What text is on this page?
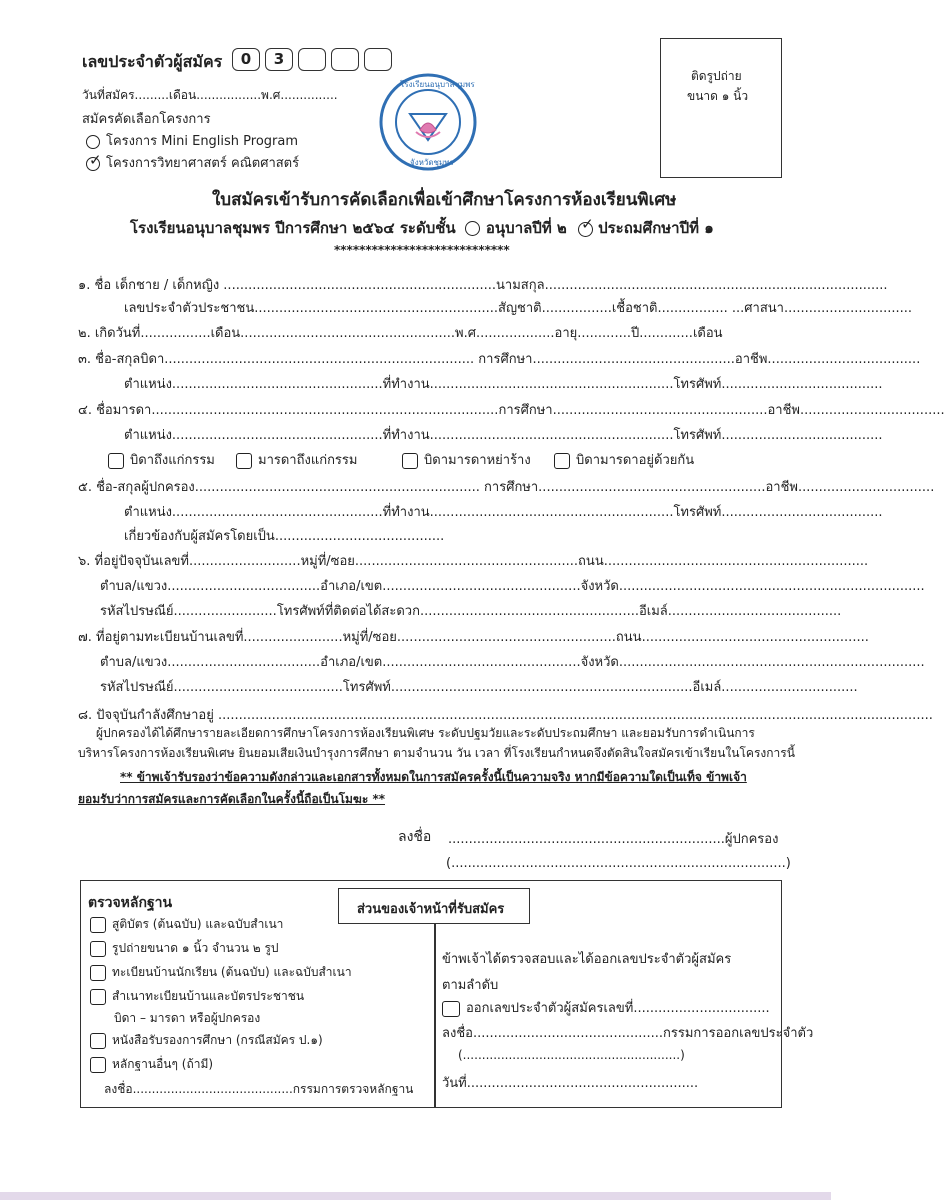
เลขประจำตัวผู้สมัคร	0	3
วันที่สมัคร.........เดือน.................พ.ศ...............
สมัครคัดเลือกโครงการ
โครงการ Mini English Program
✓ โครงการวิทยาศาสตร์ คณิตศาสตร์
โรงเรียนอนุบาลชุมพร
จังหวัดชุมพร
ติดรูปถ่าย
ขนาด ๑ นิ้ว
ใบสมัครเข้ารับการคัดเลือกเพื่อเข้าศึกษาโครงการห้องเรียนพิเศษ
โรงเรียนอนุบาลชุมพร ปีการศึกษา ๒๕๖๔ ระดับชั้น อนุบาลปีที่ ๒ ✓ ประถมศึกษาปีที่ ๑
****************************
๑. ชื่อ เด็กชาย / เด็กหญิง ..................................................................นามสกุล...................................................................................
เลขประจำตัวประชาชน...........................................................สัญชาติ.................เชื้อชาติ................. ...ศาสนา...............................
๒. เกิดวันที่.................เดือน....................................................พ.ศ...................อายุ.............ปี.............เดือน
๓. ชื่อ-สกุลบิดา........................................................................... การศึกษา.................................................อาชีพ.....................................
ตำแหน่ง...................................................ที่ทำงาน...........................................................โทรศัพท์.......................................
๔. ชื่อมารดา....................................................................................การศึกษา....................................................อาชีพ...................................
ตำแหน่ง...................................................ที่ทำงาน...........................................................โทรศัพท์.......................................
บิดาถึงแก่กรรม	มารดาถึงแก่กรรม	บิดามารดาหย่าร้าง	บิดามารดาอยู่ด้วยกัน
๕. ชื่อ-สกุลผู้ปกครอง..................................................................... การศึกษา.......................................................อาชีพ.................................
ตำแหน่ง...................................................ที่ทำงาน...........................................................โทรศัพท์.......................................
เกี่ยวข้องกับผู้สมัครโดยเป็น.........................................
๖. ที่อยู่ปัจจุบันเลขที่...........................หมู่ที่/ซอย......................................................ถนน................................................................
ตำบล/แขวง.....................................อำเภอ/เขต................................................จังหวัด..........................................................................
รหัสไปรษณีย์.........................โทรศัพท์ที่ติดต่อได้สะดวก.....................................................อีเมล์..........................................
๗. ที่อยู่ตามทะเบียนบ้านเลขที่........................หมู่ที่/ซอย.....................................................ถนน.......................................................
ตำบล/แขวง.....................................อำเภอ/เขต................................................จังหวัด..........................................................................
รหัสไปรษณีย์.........................................โทรศัพท์.........................................................................อีเมล์.................................
๘. ปัจจุบันกำลังศึกษาอยู่ .............................................................................................................................................................................
ผู้ปกครองได้ได้ศึกษารายละเอียดการศึกษาโครงการห้องเรียนพิเศษ ระดับปฐมวัยและระดับประถมศึกษา และยอมรับการดำเนินการ
บริหารโครงการห้องเรียนพิเศษ ยินยอมเสียเงินบำรุงการศึกษา ตามจำนวน วัน เวลา ที่โรงเรียนกำหนดจึงตัดสินใจสมัครเข้าเรียนในโครงการนี้
** ข้าพเจ้ารับรองว่าข้อความดังกล่าวและเอกสารทั้งหมดในการสมัครครั้งนี้เป็นความจริง หากมีข้อความใดเป็นเท็จ ข้าพเจ้า
ยอมรับว่าการสมัครและการคัดเลือกในครั้งนี้ถือเป็นโมฆะ **
ลงชื่อ ...................................................................ผู้ปกครอง
(.................................................................................)
ส่วนของเจ้าหน้าที่รับสมัคร
ตรวจหลักฐาน
สูติบัตร (ต้นฉบับ) และฉบับสำเนา
รูปถ่ายขนาด ๑ นิ้ว จำนวน ๒ รูป
ทะเบียนบ้านนักเรียน (ต้นฉบับ) และฉบับสำเนา
สำเนาทะเบียนบ้านและบัตรประชาชน
บิดา – มารดา หรือผู้ปกครอง
หนังสือรับรองการศึกษา (กรณีสมัคร ป.๑)
หลักฐานอื่นๆ (ถ้ามี)
ลงชื่อ..........................................กรรมการตรวจหลักฐาน
ข้าพเจ้าได้ตรวจสอบและได้ออกเลขประจำตัวผู้สมัคร
ตามลำดับ
ออกเลขประจำตัวผู้สมัครเลขที่.................................
ลงชื่อ..............................................กรรมการออกเลขประจำตัว
(.........................................................)
วันที่........................................................
